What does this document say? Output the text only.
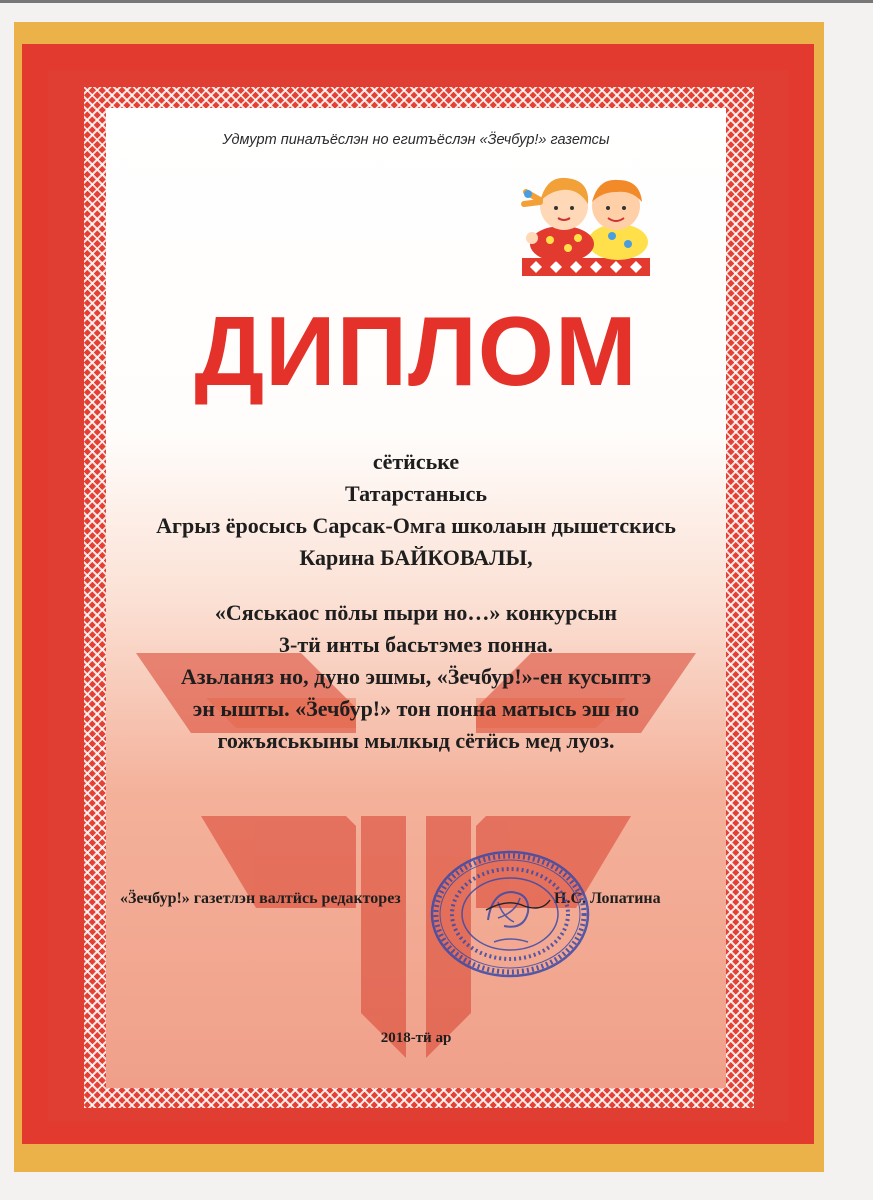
Удмурт пиналъёслэн но егитъёслэн «Ӟечбур!» газетсы
ДИПЛОМ
сётӥське
Татарстанысь
Агрыз ёросысь Сарсак-Омга школаын дышетскись
Карина БАЙКОВАЛЫ,
«Сяськаос пӧлы пыри но…» конкурсын
3-тӥ инты басьтэмез понна.
Азьланяз но, дуно эшмы, «Ӟечбур!»-ен кусыптэ
эн ышты. «Ӟечбур!» тон понна матысь эш но
гожъяськыны мылкыд сётӥсь мед луоз.
«Ӟечбур!» газетлэн валтӥсь редакторез	Н.С. Лопатина
2018-тӥ ар
